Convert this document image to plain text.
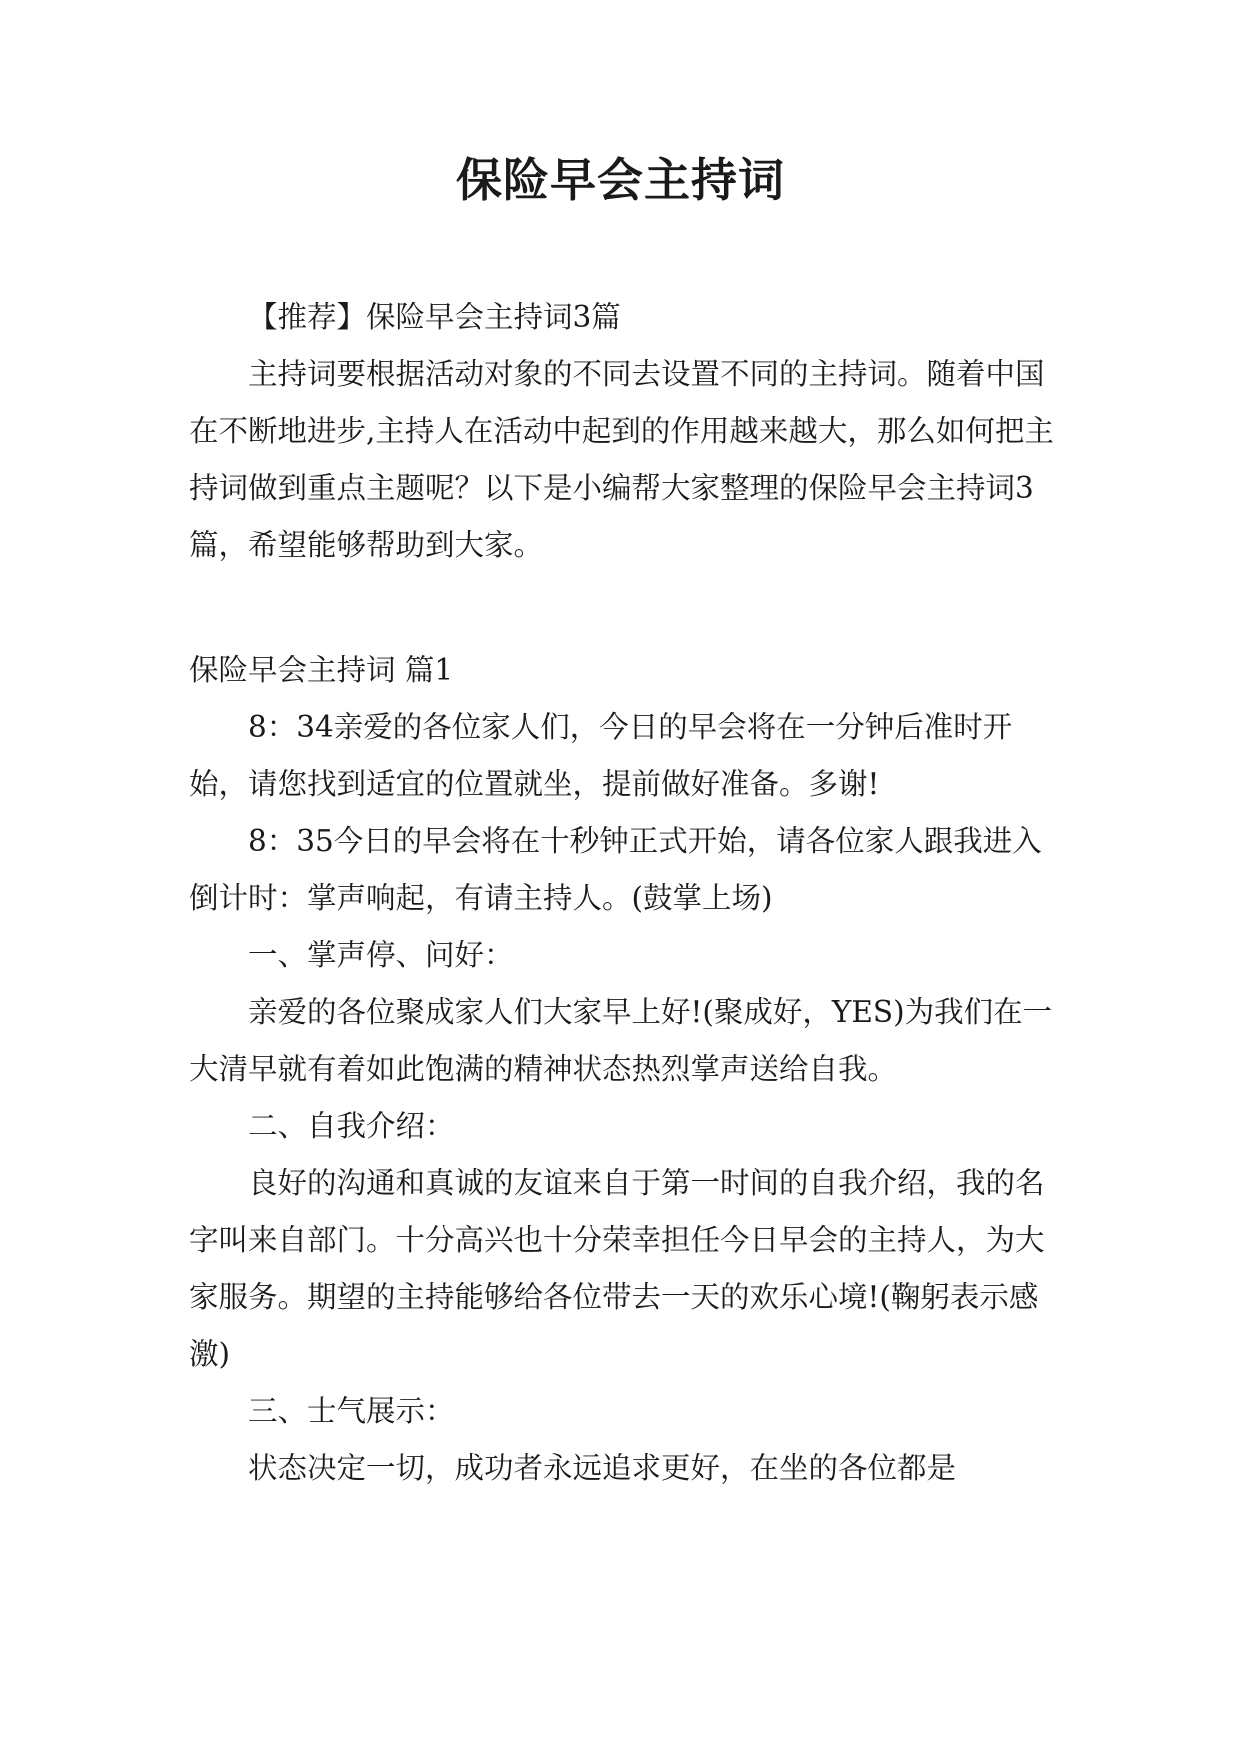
保险早会主持词

【推荐】保险早会主持词3篇

主持词要根据活动对象的不同去设置不同的主持词。随着中国在不断地进步,主持人在活动中起到的作用越来越大，那么如何把主持词做到重点主题呢？以下是小编帮大家整理的保险早会主持词3篇，希望能够帮助到大家。

保险早会主持词 篇1

8：34亲爱的各位家人们，今日的早会将在一分钟后准时开始，请您找到适宜的位置就坐，提前做好准备。多谢!

8：35今日的早会将在十秒钟正式开始，请各位家人跟我进入倒计时：掌声响起，有请主持人。(鼓掌上场)

一、掌声停、问好：

亲爱的各位聚成家人们大家早上好!(聚成好，YES)为我们在一大清早就有着如此饱满的精神状态热烈掌声送给自我。

二、自我介绍：

良好的沟通和真诚的友谊来自于第一时间的自我介绍，我的名字叫来自部门。十分高兴也十分荣幸担任今日早会的主持人，为大家服务。期望的主持能够给各位带去一天的欢乐心境!(鞠躬表示感激)

三、士气展示：

状态决定一切，成功者永远追求更好，在坐的各位都是
